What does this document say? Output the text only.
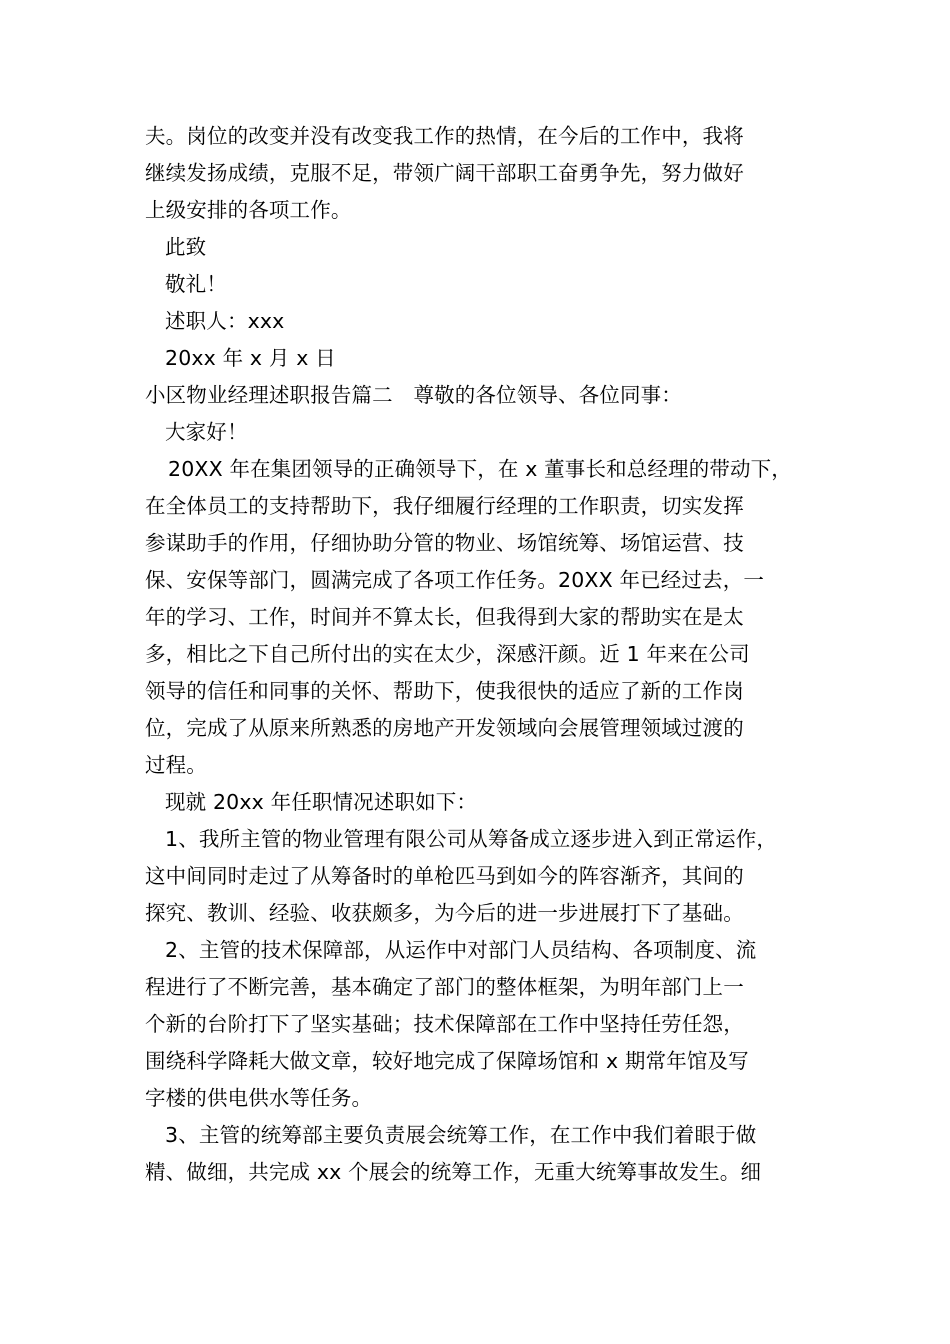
夫。岗位的改变并没有改变我工作的热情，在今后的工作中，我将
继续发扬成绩，克服不足，带领广阔干部职工奋勇争先，努力做好
上级安排的各项工作。
此致
敬礼！
述职人：xxx
20xx 年 x 月 x 日
小区物业经理述职报告篇二　尊敬的各位领导、各位同事：
大家好！
20XX 年在集团领导的正确领导下，在 x 董事长和总经理的带动下，
在全体员工的支持帮助下，我仔细履行经理的工作职责，切实发挥
参谋助手的作用，仔细协助分管的物业、场馆统筹、场馆运营、技
保、安保等部门，圆满完成了各项工作任务。20XX 年已经过去，一
年的学习、工作，时间并不算太长，但我得到大家的帮助实在是太
多，相比之下自己所付出的实在太少，深感汗颜。近 1 年来在公司
领导的信任和同事的关怀、帮助下，使我很快的适应了新的工作岗
位，完成了从原来所熟悉的房地产开发领域向会展管理领域过渡的
过程。
现就 20xx 年任职情况述职如下：
1、我所主管的物业管理有限公司从筹备成立逐步进入到正常运作，
这中间同时走过了从筹备时的单枪匹马到如今的阵容渐齐，其间的
探究、教训、经验、收获颇多，为今后的进一步进展打下了基础。
2、主管的技术保障部，从运作中对部门人员结构、各项制度、流
程进行了不断完善，基本确定了部门的整体框架，为明年部门上一
个新的台阶打下了坚实基础；技术保障部在工作中坚持任劳任怨，
围绕科学降耗大做文章，较好地完成了保障场馆和 x 期常年馆及写
字楼的供电供水等任务。
3、主管的统筹部主要负责展会统筹工作，在工作中我们着眼于做
精、做细，共完成 xx 个展会的统筹工作，无重大统筹事故发生。细
